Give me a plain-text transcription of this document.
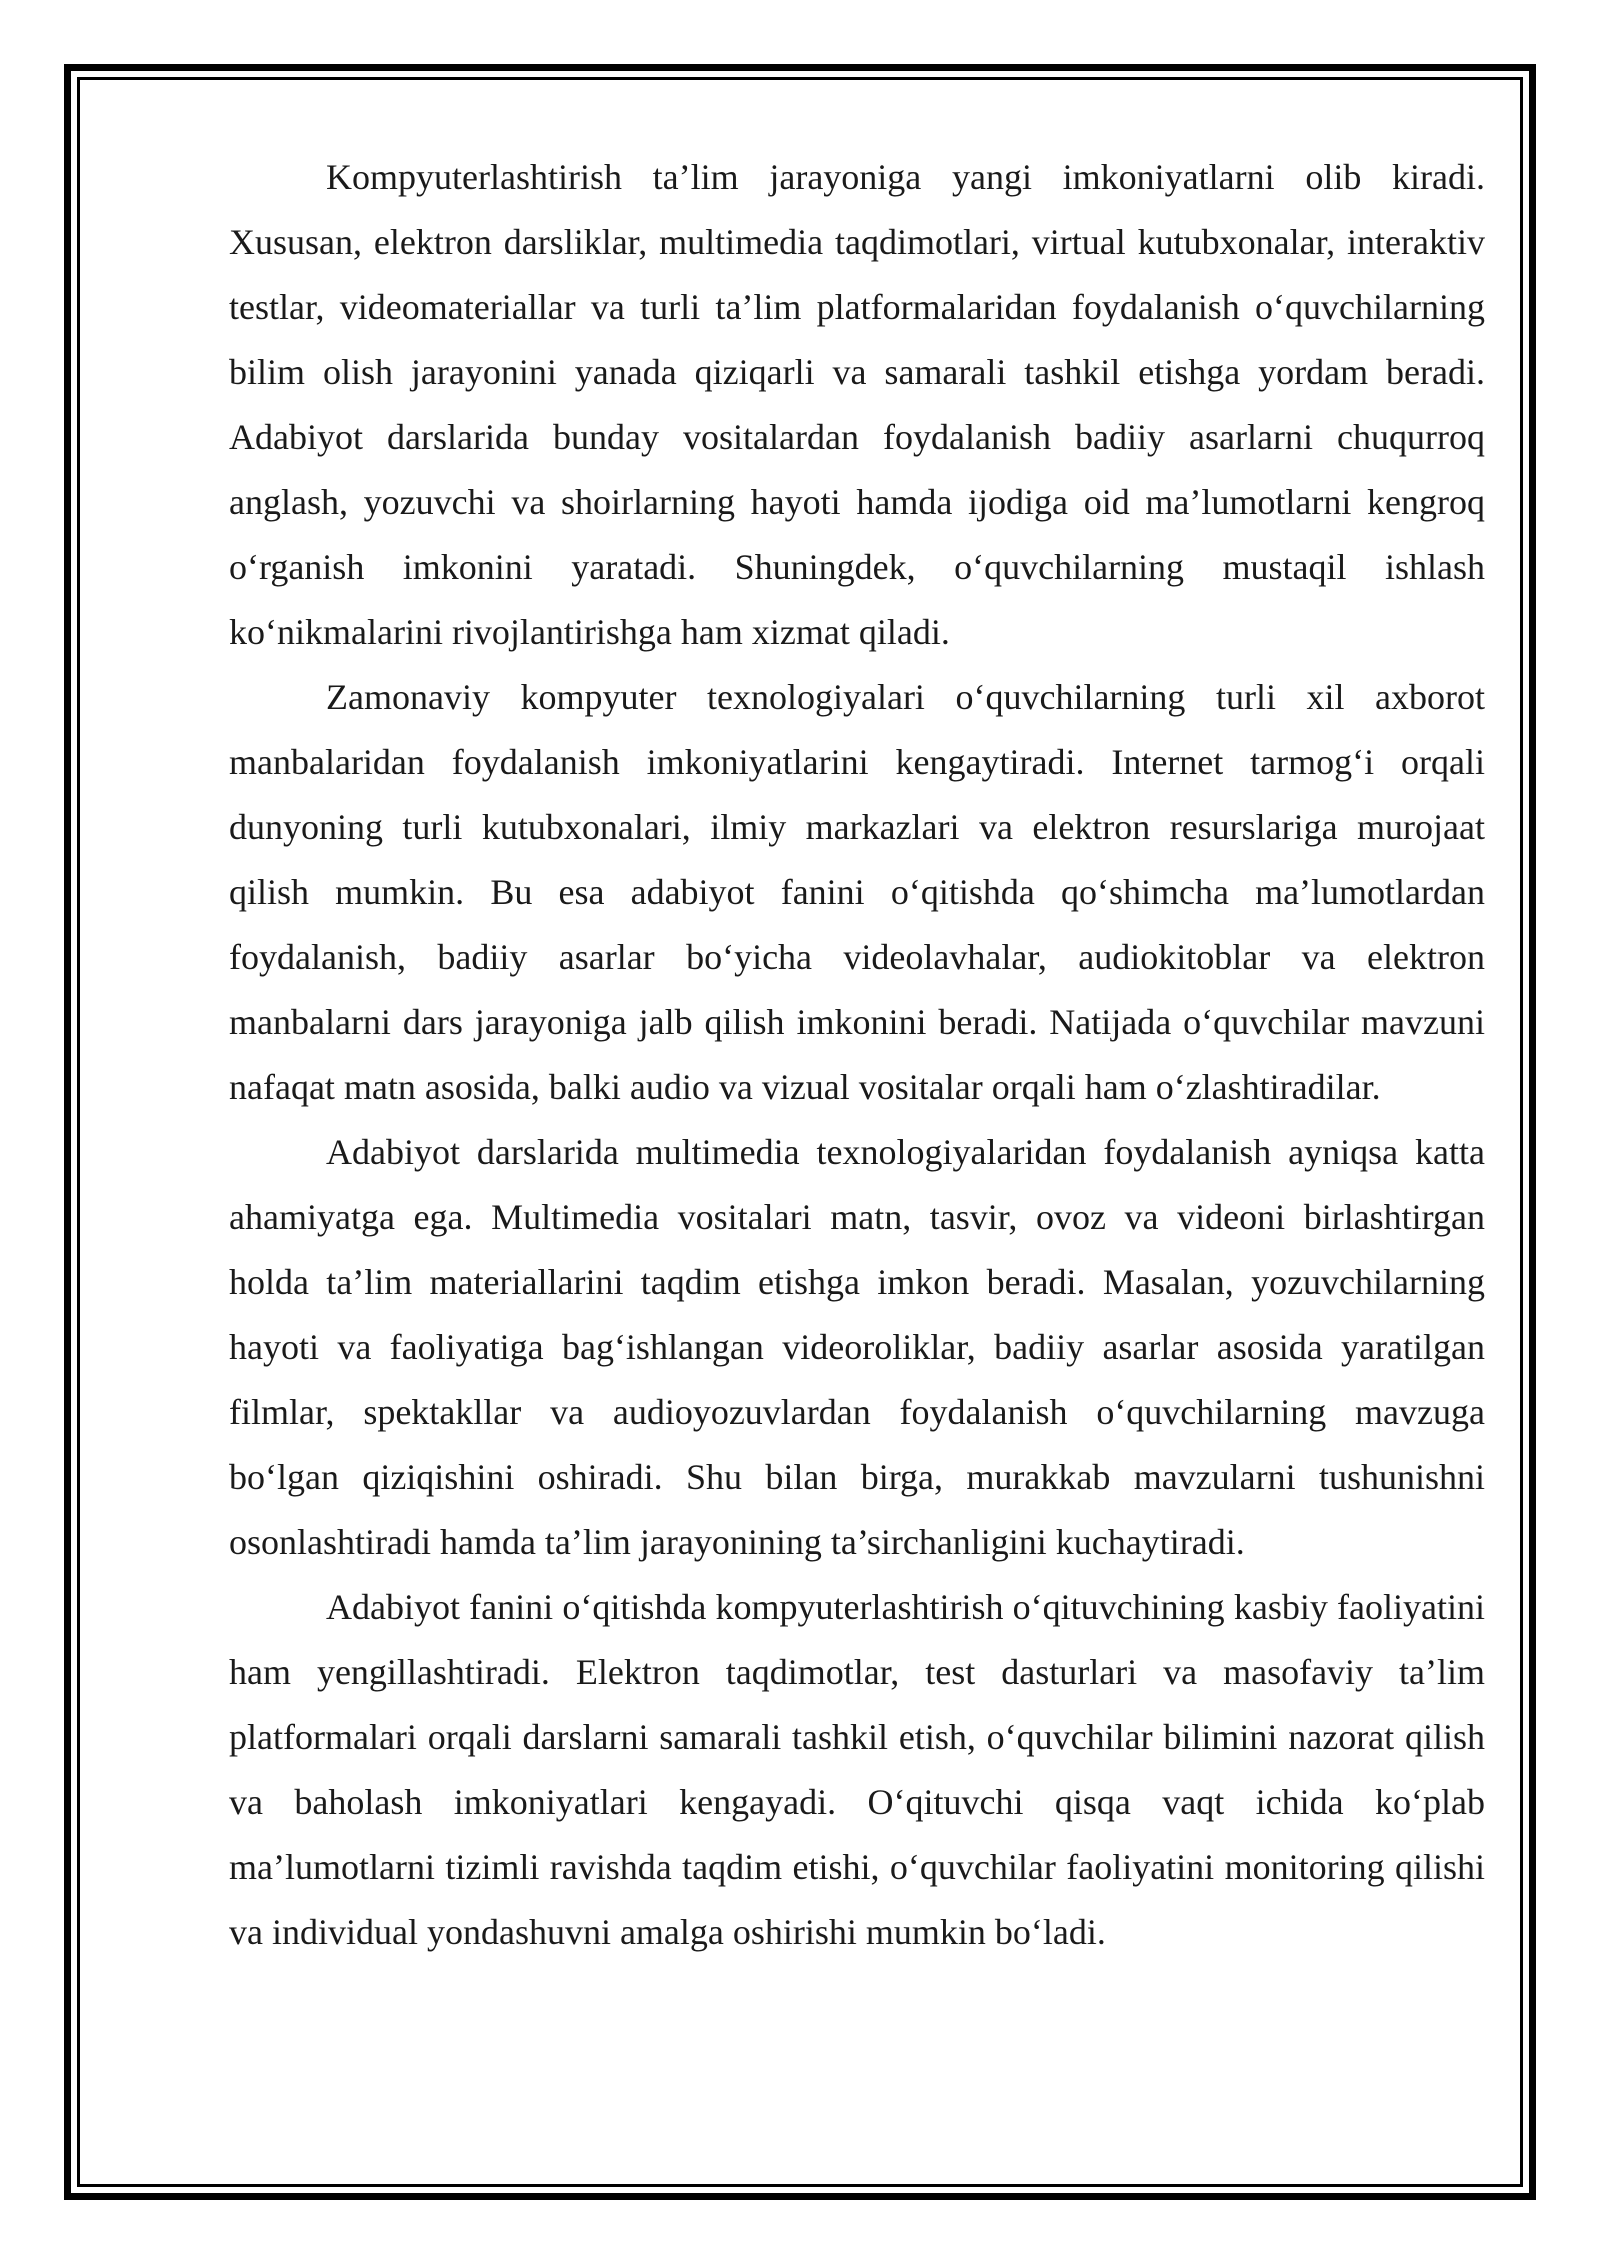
Kompyuterlashtirish ta’lim jarayoniga yangi imkoniyatlarni olib kiradi. Xususan, elektron darsliklar, multimedia taqdimotlari, virtual kutubxonalar, interaktiv testlar, videomateriallar va turli ta’lim platformalaridan foydalanish o‘quvchilarning bilim olish jarayonini yanada qiziqarli va samarali tashkil etishga yordam beradi. Adabiyot darslarida bunday vositalardan foydalanish badiiy asarlarni chuqurroq anglash, yozuvchi va shoirlarning hayoti hamda ijodiga oid ma’lumotlarni kengroq o‘rganish imkonini yaratadi. Shuningdek, o‘quvchilarning mustaqil ishlash ko‘nikmalarini rivojlantirishga ham xizmat qiladi.

Zamonaviy kompyuter texnologiyalari o‘quvchilarning turli xil axborot manbalaridan foydalanish imkoniyatlarini kengaytiradi. Internet tarmog‘i orqali dunyoning turli kutubxonalari, ilmiy markazlari va elektron resurslariga murojaat qilish mumkin. Bu esa adabiyot fanini o‘qitishda qo‘shimcha ma’lumotlardan foydalanish, badiiy asarlar bo‘yicha videolavhalar, audiokitoblar va elektron manbalarni dars jarayoniga jalb qilish imkonini beradi. Natijada o‘quvchilar mavzuni nafaqat matn asosida, balki audio va vizual vositalar orqali ham o‘zlashtiradilar.

Adabiyot darslarida multimedia texnologiyalaridan foydalanish ayniqsa katta ahamiyatga ega. Multimedia vositalari matn, tasvir, ovoz va videoni birlashtirgan holda ta’lim materiallarini taqdim etishga imkon beradi. Masalan, yozuvchilarning hayoti va faoliyatiga bag‘ishlangan videoroliklar, badiiy asarlar asosida yaratilgan filmlar, spektakllar va audioyozuvlardan foydalanish o‘quvchilarning mavzuga bo‘lgan qiziqishini oshiradi. Shu bilan birga, murakkab mavzularni tushunishni osonlashtiradi hamda ta’lim jarayonining ta’sirchanligini kuchaytiradi.

Adabiyot fanini o‘qitishda kompyuterlashtirish o‘qituvchining kasbiy faoliyatini ham yengillashtiradi. Elektron taqdimotlar, test dasturlari va masofaviy ta’lim platformalari orqali darslarni samarali tashkil etish, o‘quvchilar bilimini nazorat qilish va baholash imkoniyatlari kengayadi. O‘qituvchi qisqa vaqt ichida ko‘plab ma’lumotlarni tizimli ravishda taqdim etishi, o‘quvchilar faoliyatini monitoring qilishi va individual yondashuvni amalga oshirishi mumkin bo‘ladi.
